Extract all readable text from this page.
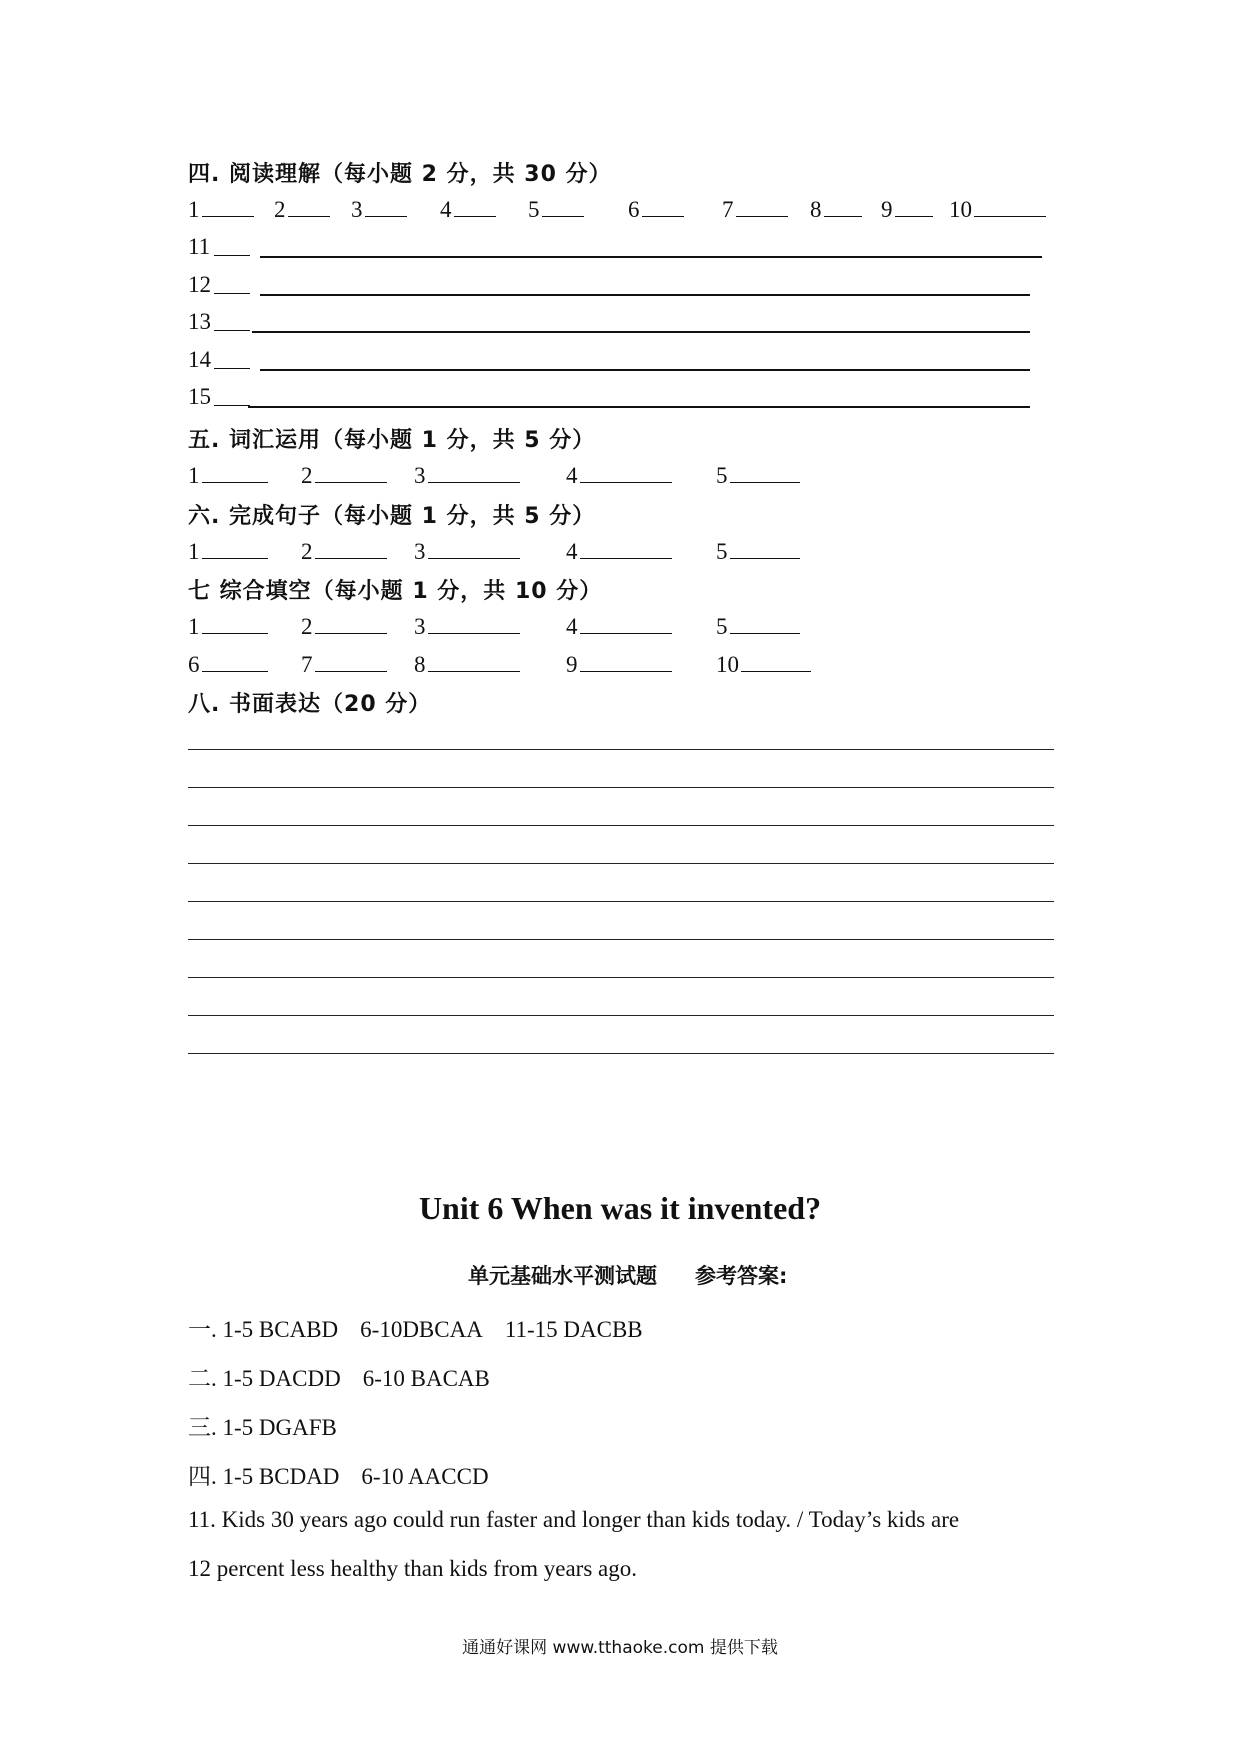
四. 阅读理解（每小题 2 分，共 30 分）
1	2	3	4	5	6	7	8	9	10
11
12
13
14
15
五. 词汇运用（每小题 1 分，共 5 分）
1	2	3	4	5
六. 完成句子（每小题 1 分，共 5 分）
1	2	3	4	5
七 综合填空（每小题 1 分，共 10 分）
1	2	3	4	5
6	7	8	9	10
八. 书面表达（20 分）
Unit 6 When was it invented?
单元基础水平测试题 参考答案:
一. 1-5 BCABD 6-10DBCAA 11-15 DACBB
二. 1-5 DACDD 6-10 BACAB
三. 1-5 DGAFB
四. 1-5 BCDAD 6-10 AACCD
11. Kids 30 years ago could run faster and longer than kids today. / Today’s kids are
12 percent less healthy than kids from years ago.
通通好课网 www.tthaoke.com 提供下载
